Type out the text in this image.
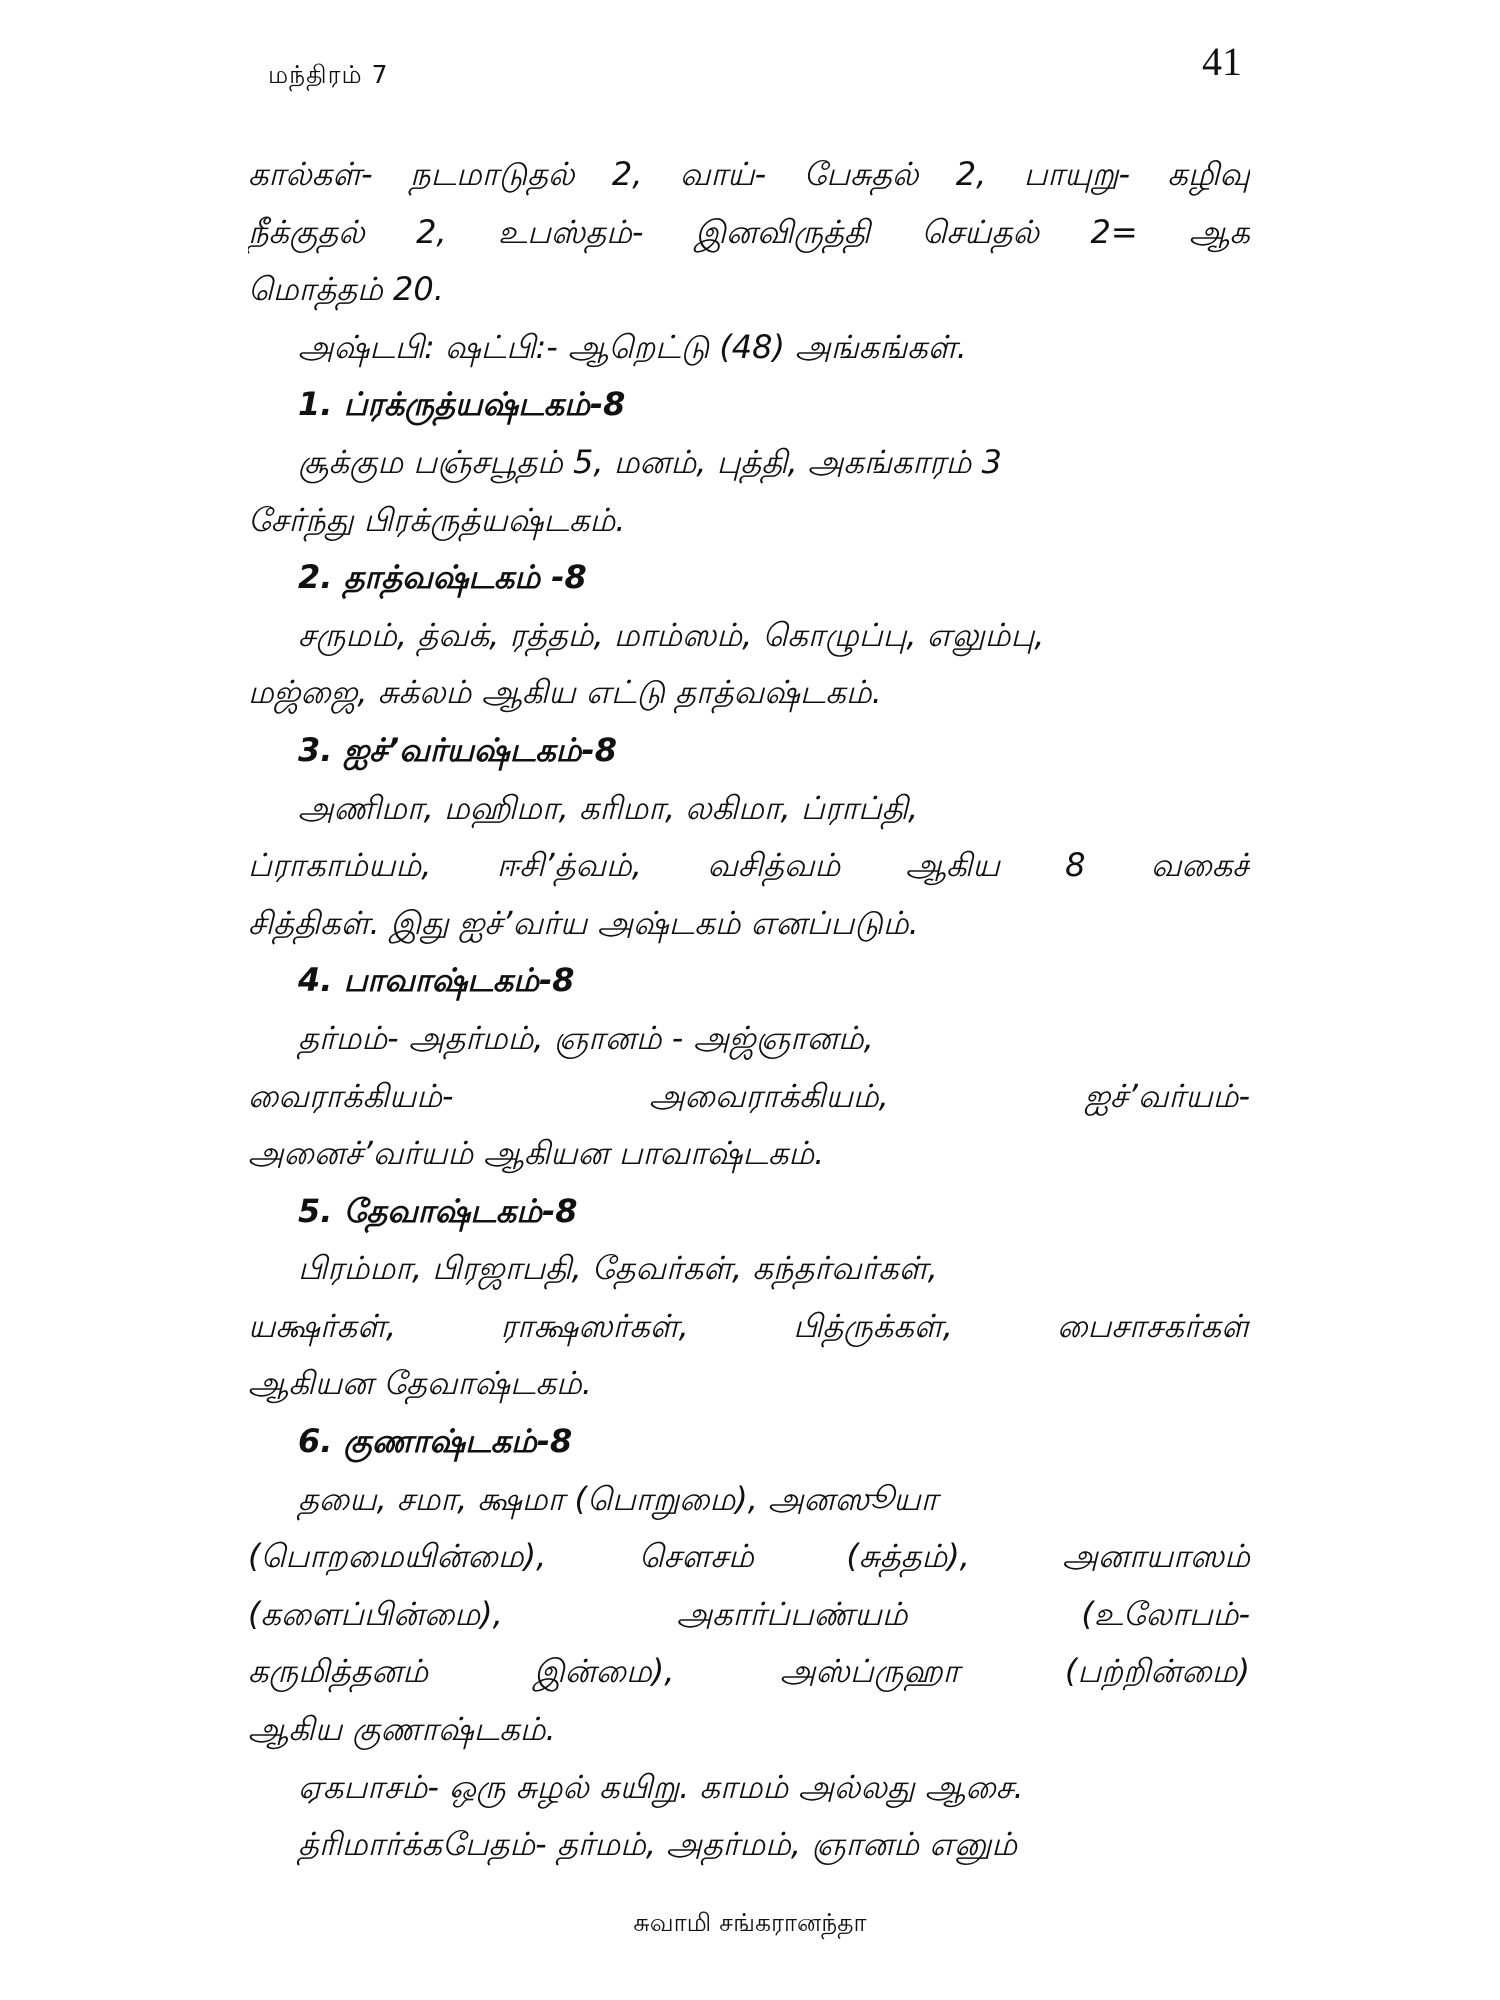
மந்திரம் 7	41
கால்கள்- நடமாடுதல் 2, வாய்- பேசுதல் 2, பாயுறு- கழிவு
நீக்குதல் 2, உபஸ்தம்- இனவிருத்தி செய்தல் 2= ஆக
மொத்தம் 20.
அஷ்டபி: ஷட்பி:- ஆறெட்டு (48) அங்கங்கள்.
1. ப்ரக்ருத்யஷ்டகம்-8
சூக்கும பஞ்சபூதம் 5, மனம், புத்தி, அகங்காரம் 3
சேர்ந்து பிரக்ருத்யஷ்டகம்.
2. தாத்வஷ்டகம் -8
சருமம், த்வக், ரத்தம், மாம்ஸம், கொழுப்பு, எலும்பு,
மஜ்ஜை, சுக்லம் ஆகிய எட்டு தாத்வஷ்டகம்.
3. ஐச்’வர்யஷ்டகம்-8
அணிமா, மஹிமா, கரிமா, லகிமா, ப்ராப்தி,
ப்ராகாம்யம், ஈசி’த்வம், வசித்வம் ஆகிய 8 வகைச்
சித்திகள். இது ஐச்’வர்ய அஷ்டகம் எனப்படும்.
4. பாவாஷ்டகம்-8
தர்மம்- அதர்மம், ஞானம் - அஜ்ஞானம்,
வைராக்கியம்- அவைராக்கியம், ஐச்’வர்யம்-
அனைச்’வர்யம் ஆகியன பாவாஷ்டகம்.
5. தேவாஷ்டகம்-8
பிரம்மா, பிரஜாபதி, தேவர்கள், கந்தர்வர்கள்,
யக்ஷர்கள், ராக்ஷஸர்கள், பித்ருக்கள், பைசாசகர்கள்
ஆகியன தேவாஷ்டகம்.
6. குணாஷ்டகம்-8
தயை, சமா, க்ஷமா (பொறுமை), அனஸூயா
(பொறமையின்மை), சௌசம் (சுத்தம்), அனாயாஸம்
(களைப்பின்மை), அகார்ப்பண்யம் (உலோபம்-
கருமித்தனம் இன்மை), அஸ்ப்ருஹா (பற்றின்மை)
ஆகிய குணாஷ்டகம்.
ஏகபாசம்- ஒரு சுழல் கயிறு. காமம் அல்லது ஆசை.
த்ரிமார்க்கபேதம்- தர்மம், அதர்மம், ஞானம் எனும்
சுவாமி சங்கரானந்தா
